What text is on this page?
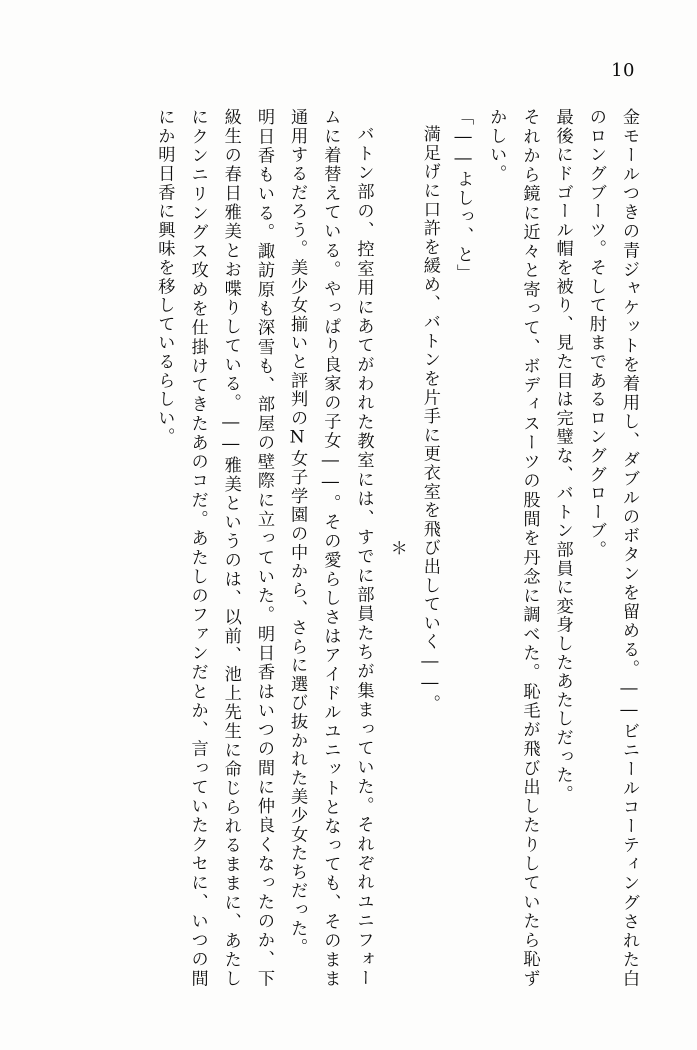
10

金モールつきの青ジャケットを着用し、ダブルのボタンを留める。――ビニールコーティングされた白のロングブーツ。そして肘まであるロンググローブ。

最後にドゴール帽を被り、見た目は完璧な、バトン部員に変身したあたしだった。

それから鏡に近々と寄って、ボディスーツの股間を丹念に調べた。恥毛が飛び出したりしていたら恥ずかしい。

「――よしっ、と」

満足げに口許を緩め、バトンを片手に更衣室を飛び出していく――。

＊

バトン部の、控室用にあてがわれた教室には、すでに部員たちが集まっていた。それぞれユニフォームに着替えている。やっぱり良家の子女――。その愛らしさはアイドルユニットとなっても、そのまま通用するだろう。美少女揃いと評判のN女子学園の中から、さらに選び抜かれた美少女たちだった。

明日香もいる。諏訪原も深雪も、部屋の壁際に立っていた。明日香はいつの間に仲良くなったのか、下級生の春日雅美とお喋りしている。――雅美というのは、以前、池上先生に命じられるままに、あたしにクンニリングス攻めを仕掛けてきたあのコだ。あたしのファンだとか、言っていたクセに、いつの間にか明日香に興味を移しているらしい。
